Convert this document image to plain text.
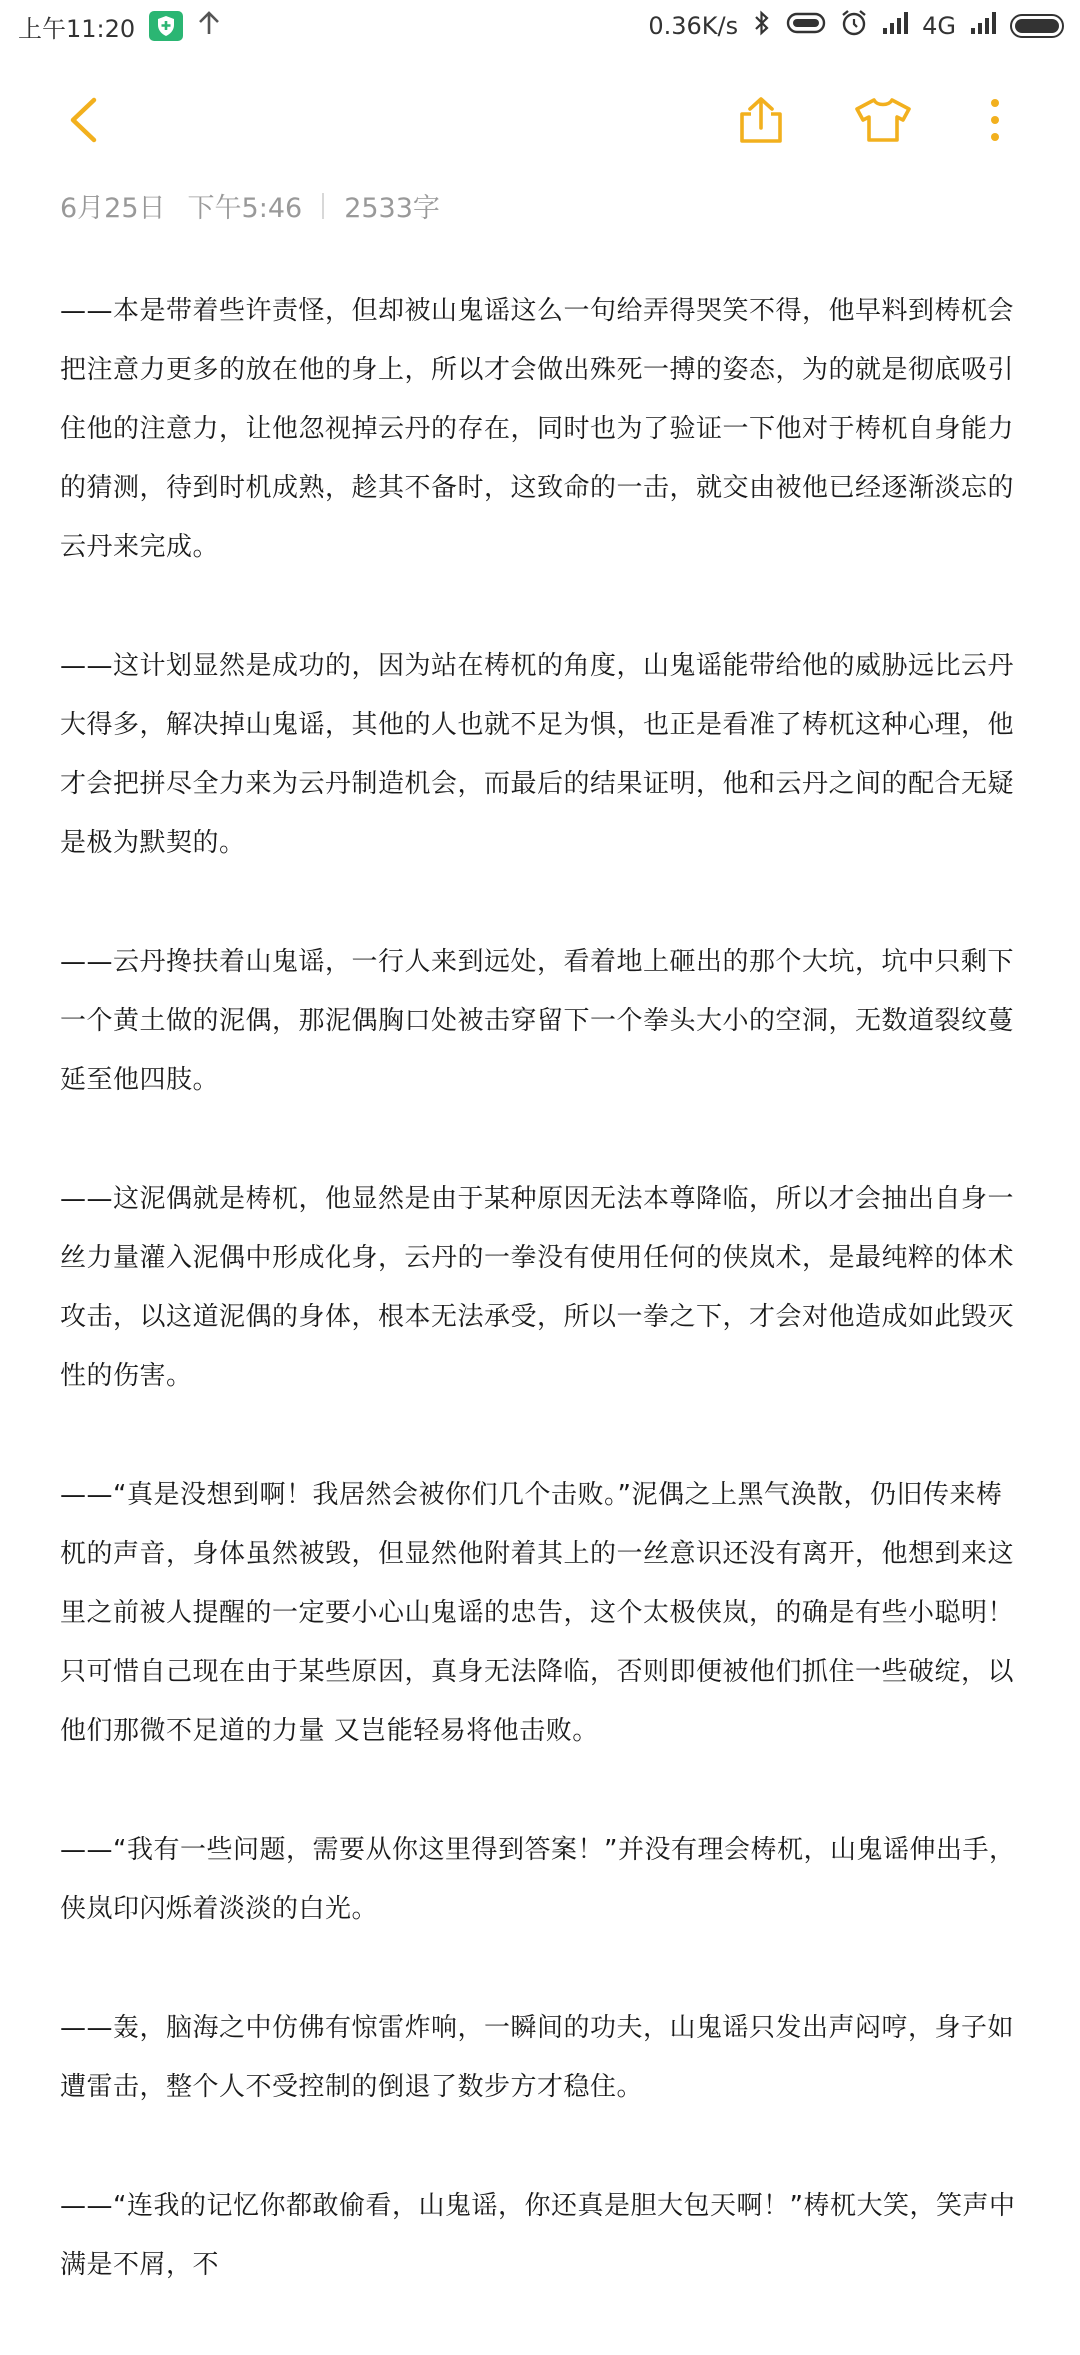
上午11:20	0.36K/s	4G
6月25日 下午5:46 2533字

——本是带着些许责怪，但却被山鬼谣这么一句给弄得哭笑不得，他早料到梼杌会把注意力更多的放在他的身上，所以才会做出殊死一搏的姿态，为的就是彻底吸引住他的注意力，让他忽视掉云丹的存在，同时也为了验证一下他对于梼杌自身能力的猜测，待到时机成熟，趁其不备时，这致命的一击，就交由被他已经逐渐淡忘的云丹来完成。

——这计划显然是成功的，因为站在梼杌的角度，山鬼谣能带给他的威胁远比云丹大得多，解决掉山鬼谣，其他的人也就不足为惧，也正是看准了梼杌这种心理，他才会把拼尽全力来为云丹制造机会，而最后的结果证明，他和云丹之间的配合无疑是极为默契的。

——云丹搀扶着山鬼谣，一行人来到远处，看着地上砸出的那个大坑，坑中只剩下一个黄土做的泥偶，那泥偶胸口处被击穿留下一个拳头大小的空洞，无数道裂纹蔓延至他四肢。

——这泥偶就是梼杌，他显然是由于某种原因无法本尊降临，所以才会抽出自身一丝力量灌入泥偶中形成化身，云丹的一拳没有使用任何的侠岚术，是最纯粹的体术攻击，以这道泥偶的身体，根本无法承受，所以一拳之下，才会对他造成如此毁灭性的伤害。

——“真是没想到啊！我居然会被你们几个击败。”泥偶之上黑气涣散，仍旧传来梼杌的声音，身体虽然被毁，但显然他附着其上的一丝意识还没有离开，他想到来这里之前被人提醒的一定要小心山鬼谣的忠告，这个太极侠岚，的确是有些小聪明！只可惜自己现在由于某些原因，真身无法降临，否则即便被他们抓住一些破绽，以他们那微不足道的力量 又岂能轻易将他击败。

——“我有一些问题，需要从你这里得到答案！”并没有理会梼杌，山鬼谣伸出手，侠岚印闪烁着淡淡的白光。

——轰，脑海之中仿佛有惊雷炸响，一瞬间的功夫，山鬼谣只发出声闷哼，身子如遭雷击，整个人不受控制的倒退了数步方才稳住。

——“连我的记忆你都敢偷看，山鬼谣，你还真是胆大包天啊！”梼杌大笑，笑声中满是不屑，不
